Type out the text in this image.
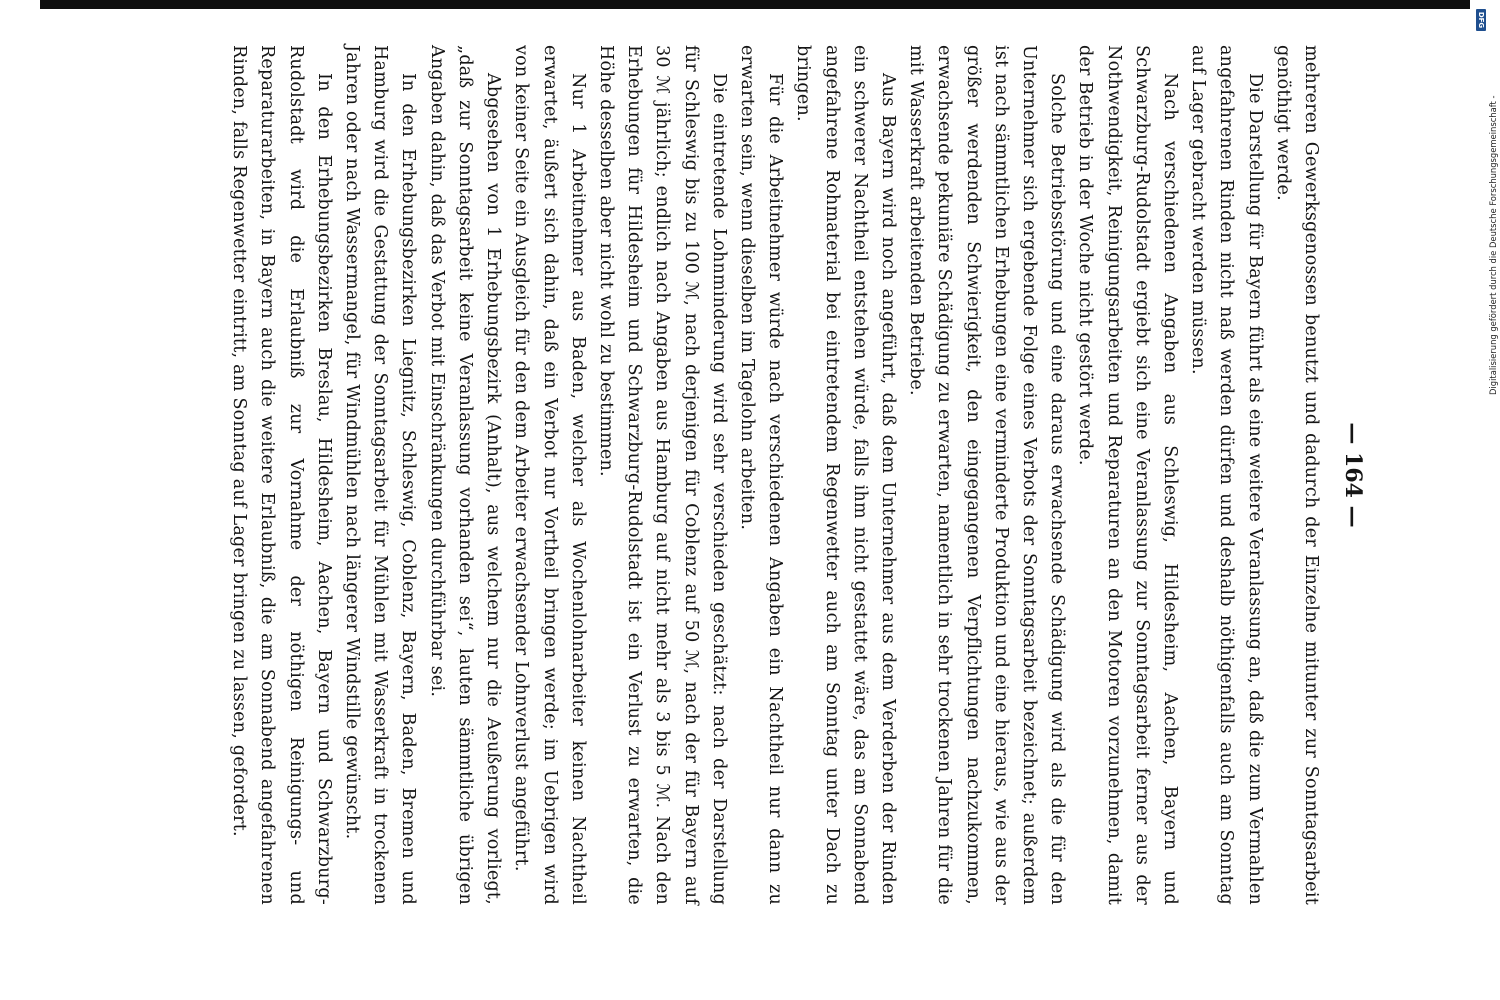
— 164 —

mehreren Gewerksgenossen benutzt und dadurch der Einzelne mitunter zur Sonntagsarbeit genöthigt werde.

Die Darstellung für Bayern führt als eine weitere Veranlassung an, daß die zum Vermahlen angefahrenen Rinden nicht naß werden dürfen und deshalb nöthigenfalls auch am Sonntag auf Lager gebracht werden müssen.

Nach verschiedenen Angaben aus Schleswig, Hildesheim, Aachen, Bayern und Schwarzburg-Rudolstadt ergiebt sich eine Veranlassung zur Sonntagsarbeit ferner aus der Nothwendigkeit, Reinigungsarbeiten und Reparaturen an den Motoren vorzunehmen, damit der Betrieb in der Woche nicht gestört werde.

Solche Betriebsstörung und eine daraus erwachsende Schädigung wird als die für den Unternehmer sich ergebende Folge eines Verbots der Sonntagsarbeit bezeichnet; außerdem ist nach sämmtlichen Erhebungen eine verminderte Produktion und eine hieraus, wie aus der größer werdenden Schwierigkeit, den eingegangenen Verpflichtungen nachzukommen, erwachsende pekuniäre Schädigung zu erwarten, namentlich in sehr trockenen Jahren für die mit Wasserkraft arbeitenden Betriebe.

Aus Bayern wird noch angeführt, daß dem Unternehmer aus dem Verderben der Rinden ein schwerer Nachtheil entstehen würde, falls ihm nicht gestattet wäre, das am Sonnabend angefahrene Rohmaterial bei eintretendem Regenwetter auch am Sonntag unter Dach zu bringen.

Für die Arbeitnehmer würde nach verschiedenen Angaben ein Nachtheil nur dann zu erwarten sein, wenn dieselben im Tagelohn arbeiten.

Die eintretende Lohnminderung wird sehr verschieden geschätzt: nach der Darstellung für Schleswig bis zu 100 ℳ, nach derjenigen für Coblenz auf 50 ℳ, nach der für Bayern auf 30 ℳ jährlich; endlich nach Angaben aus Hamburg auf nicht mehr als 3 bis 5 ℳ. Nach den Erhebungen für Hildesheim und Schwarzburg-Rudolstadt ist ein Verlust zu erwarten, die Höhe desselben aber nicht wohl zu bestimmen.

Nur 1 Arbeitnehmer aus Baden, welcher als Wochenlohnarbeiter keinen Nachtheil erwartet, äußert sich dahin, daß ein Verbot nur Vortheil bringen werde; im Uebrigen wird von keiner Seite ein Ausgleich für den dem Arbeiter erwachsender Lohnverlust angeführt.

Abgesehen von 1 Erhebungsbezirk (Anhalt), aus welchem nur die Aeußerung vorliegt, „daß zur Sonntagsarbeit keine Veranlassung vorhanden sei“, lauten sämmtliche übrigen Angaben dahin, daß das Verbot mit Einschränkungen durchführbar sei.

In den Erhebungsbezirken Liegnitz, Schleswig, Coblenz, Bayern, Baden, Bremen und Hamburg wird die Gestattung der Sonntagsarbeit für Mühlen mit Wasserkraft in trockenen Jahren oder nach Wassermangel, für Windmühlen nach längerer Windstille gewünscht.

In den Erhebungsbezirken Breslau, Hildesheim, Aachen, Bayern und Schwarzburg-Rudolstadt wird die Erlaubniß zur Vornahme der nöthigen Reinigungs- und Reparaturarbeiten, in Bayern auch die weitere Erlaubniß, die am Sonnabend angefahrenen Rinden, falls Regenwetter eintritt, am Sonntag auf Lager bringen zu lassen, gefordert.

DFG
Digitalisierung gefördert durch die Deutsche Forschungsgemeinschaft -
